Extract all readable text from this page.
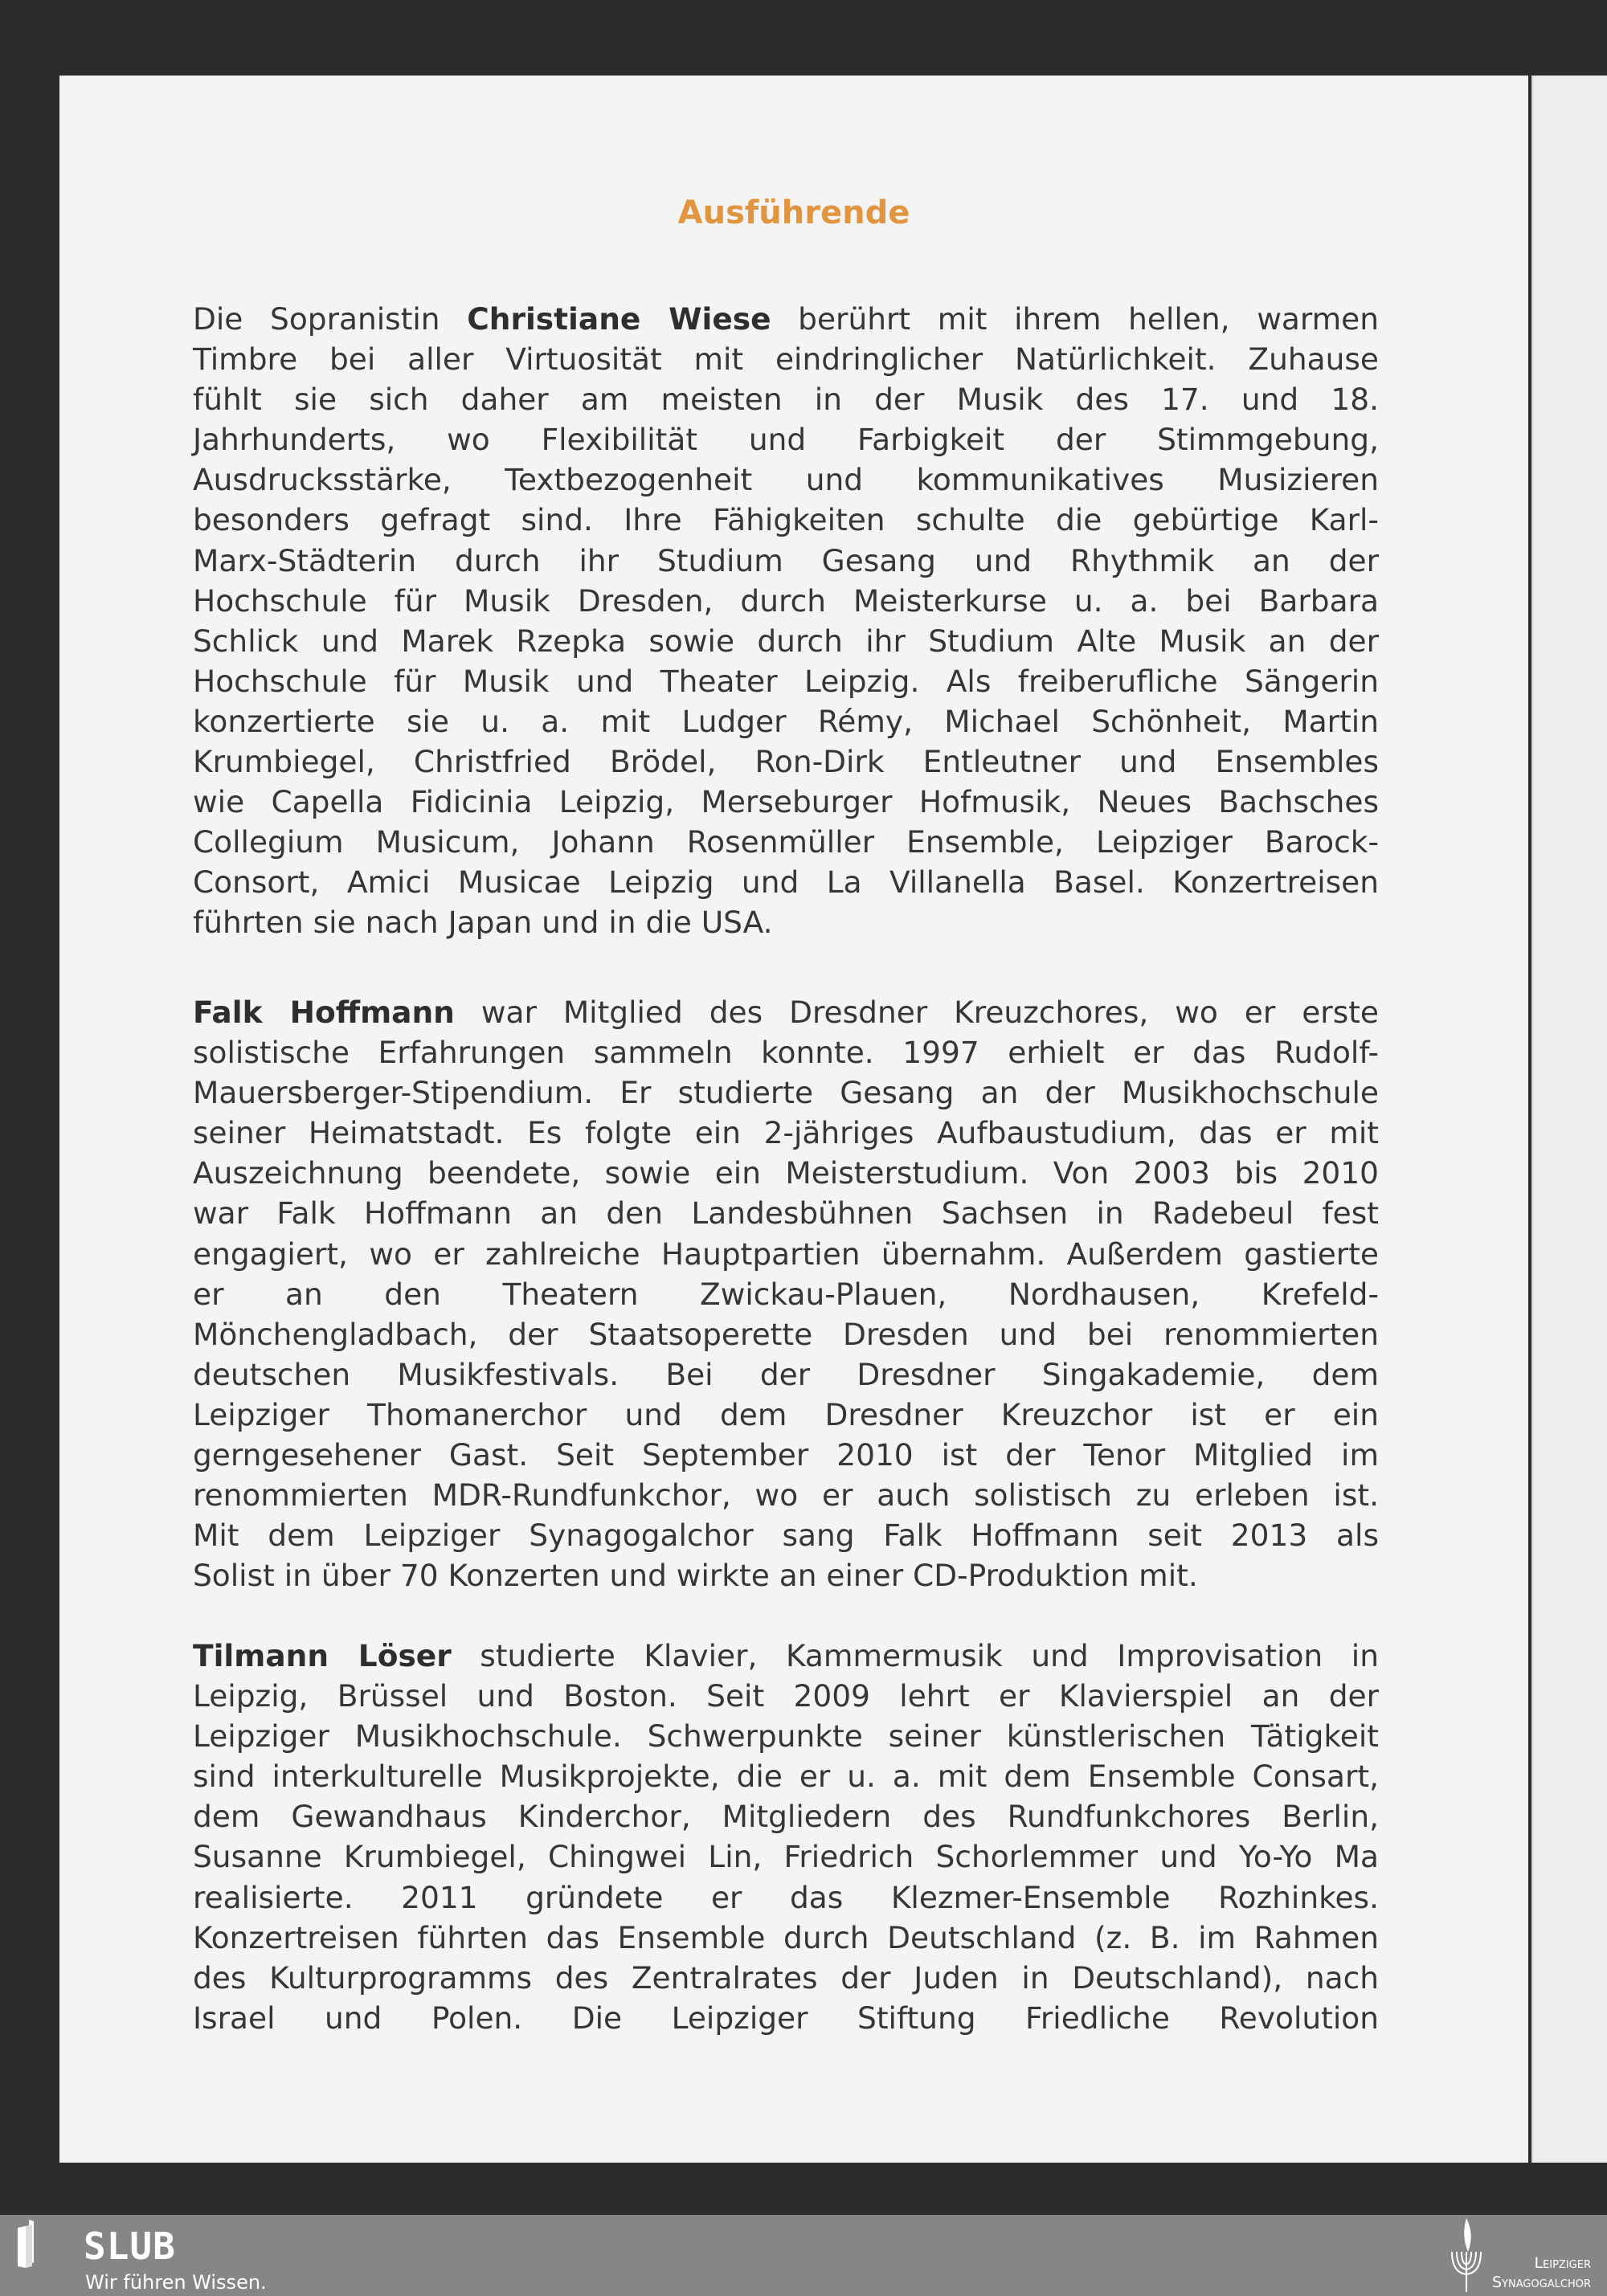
Ausführende
Die Sopranistin Christiane Wiese berührt mit ihrem hellen, warmen
Timbre bei aller Virtuosität mit eindringlicher Natürlichkeit. Zuhause
fühlt sie sich daher am meisten in der Musik des 17. und 18.
Jahrhunderts, wo Flexibilität und Farbigkeit der Stimmgebung,
Ausdrucksstärke, Textbezogenheit und kommunikatives Musizieren
besonders gefragt sind. Ihre Fähigkeiten schulte die gebürtige Karl-
Marx-Städterin durch ihr Studium Gesang und Rhythmik an der
Hochschule für Musik Dresden, durch Meisterkurse u. a. bei Barbara
Schlick und Marek Rzepka sowie durch ihr Studium Alte Musik an der
Hochschule für Musik und Theater Leipzig. Als freiberufliche Sängerin
konzertierte sie u. a. mit Ludger Rémy, Michael Schönheit, Martin
Krumbiegel, Christfried Brödel, Ron-Dirk Entleutner und Ensembles
wie Capella Fidicinia Leipzig, Merseburger Hofmusik, Neues Bachsches
Collegium Musicum, Johann Rosenmüller Ensemble, Leipziger Barock-
Consort, Amici Musicae Leipzig und La Villanella Basel. Konzertreisen
führten sie nach Japan und in die USA.
Falk Hoffmann war Mitglied des Dresdner Kreuzchores, wo er erste
solistische Erfahrungen sammeln konnte. 1997 erhielt er das Rudolf-
Mauersberger-Stipendium. Er studierte Gesang an der Musikhochschule
seiner Heimatstadt. Es folgte ein 2-jähriges Aufbaustudium, das er mit
Auszeichnung beendete, sowie ein Meisterstudium. Von 2003 bis 2010
war Falk Hoffmann an den Landesbühnen Sachsen in Radebeul fest
engagiert, wo er zahlreiche Hauptpartien übernahm. Außerdem gastierte
er an den Theatern Zwickau-Plauen, Nordhausen, Krefeld-
Mönchengladbach, der Staatsoperette Dresden und bei renommierten
deutschen Musikfestivals. Bei der Dresdner Singakademie, dem
Leipziger Thomanerchor und dem Dresdner Kreuzchor ist er ein
gerngesehener Gast. Seit September 2010 ist der Tenor Mitglied im
renommierten MDR-Rundfunkchor, wo er auch solistisch zu erleben ist.
Mit dem Leipziger Synagogalchor sang Falk Hoffmann seit 2013 als
Solist in über 70 Konzerten und wirkte an einer CD-Produktion mit.
Tilmann Löser studierte Klavier, Kammermusik und Improvisation in
Leipzig, Brüssel und Boston. Seit 2009 lehrt er Klavierspiel an der
Leipziger Musikhochschule. Schwerpunkte seiner künstlerischen Tätigkeit
sind interkulturelle Musikprojekte, die er u. a. mit dem Ensemble Consart,
dem Gewandhaus Kinderchor, Mitgliedern des Rundfunkchores Berlin,
Susanne Krumbiegel, Chingwei Lin, Friedrich Schorlemmer und Yo-Yo Ma
realisierte. 2011 gründete er das Klezmer-Ensemble Rozhinkes.
Konzertreisen führten das Ensemble durch Deutschland (z. B. im Rahmen
des Kulturprogramms des Zentralrates der Juden in Deutschland), nach
Israel und Polen. Die Leipziger Stiftung Friedliche Revolution
SLUB
Wir führen Wissen.
Leipziger
Synagogalchor
